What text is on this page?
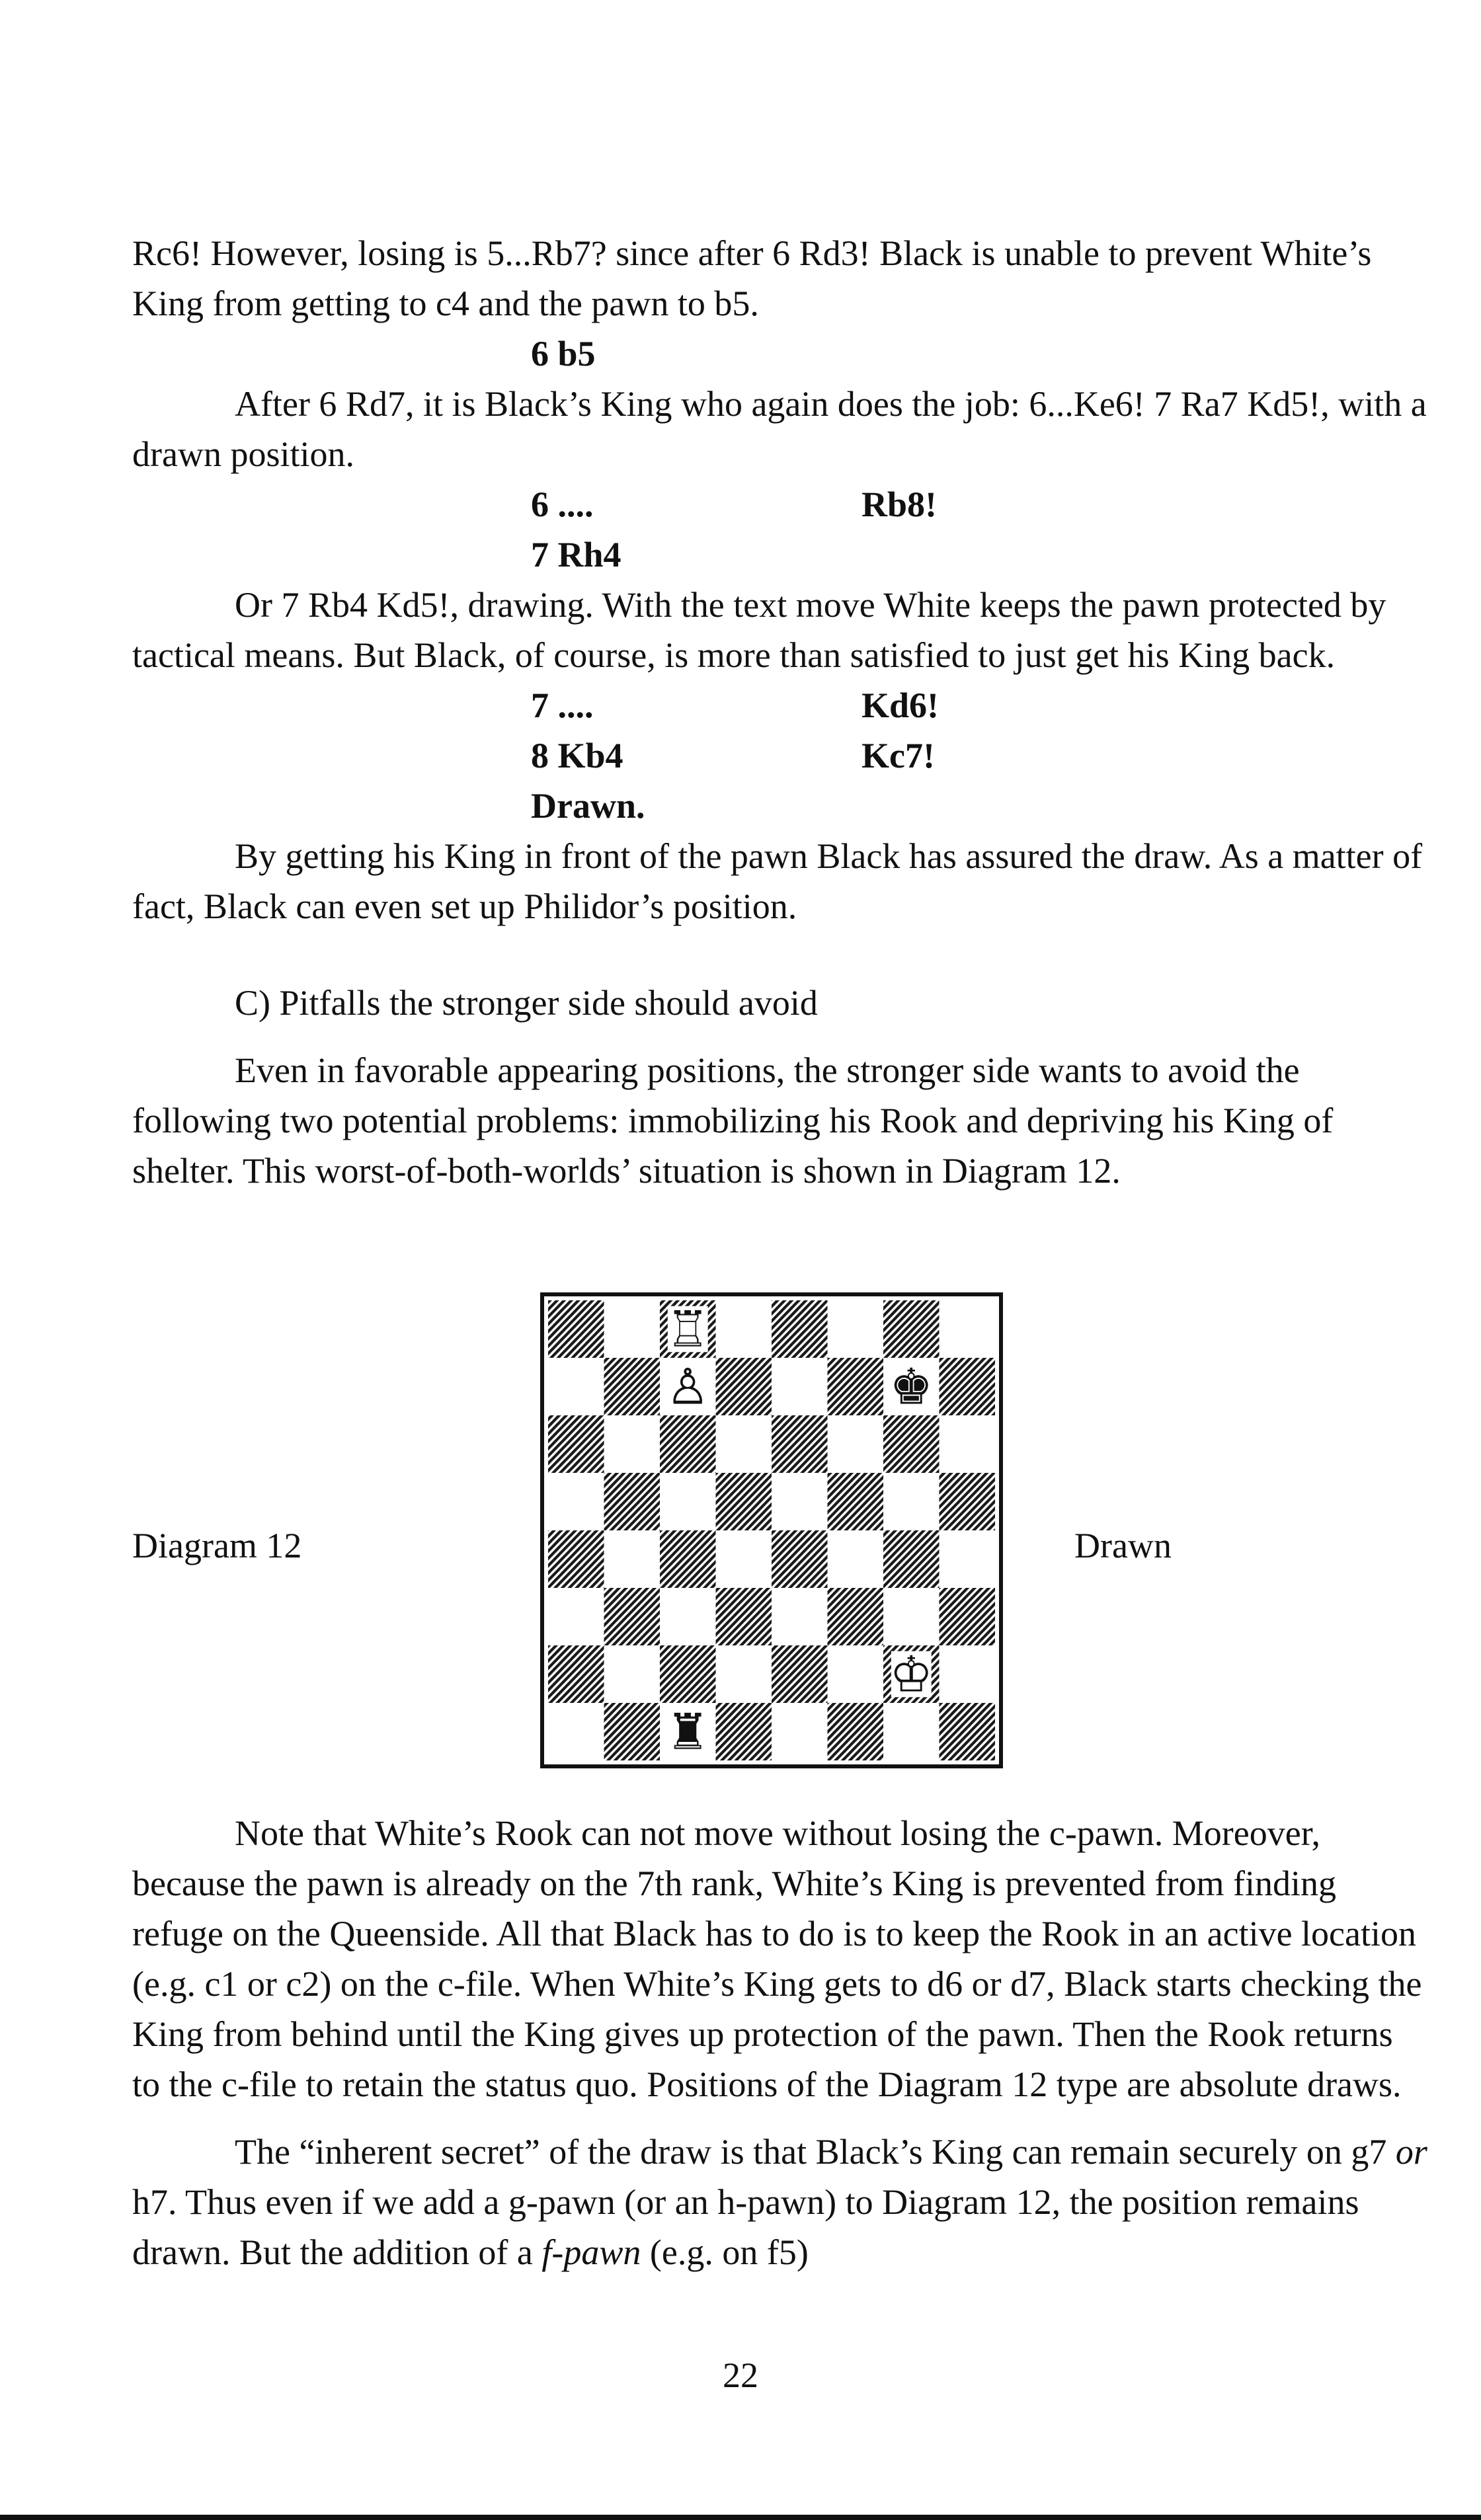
Rc6! However, losing is 5...Rb7? since after 6 Rd3! Black is unable to prevent White’s King from getting to c4 and the pawn to b5.

6 b5

After 6 Rd7, it is Black’s King who again does the job: 6...Ke6! 7 Ra7 Kd5!, with a drawn position.

6 ....	Rb8!
7 Rh4

Or 7 Rb4 Kd5!, drawing. With the text move White keeps the pawn protected by tactical means. But Black, of course, is more than satisfied to just get his King back.

7 ....	Kd6!
8 Kb4	Kc7!
Drawn.

By getting his King in front of the pawn Black has assured the draw. As a matter of fact, Black can even set up Philidor’s position.

C) Pitfalls the stronger side should avoid

Even in favorable appearing positions, the stronger side wants to avoid the following two potential problems: immobilizing his Rook and depriving his King of shelter. This worst-of-both-worlds’ situation is shown in Diagram 12.

Diagram 12
♖
♙	♚
♔
♜
Drawn

Note that White’s Rook can not move without losing the c-pawn. Moreover, because the pawn is already on the 7th rank, White’s King is prevented from finding refuge on the Queenside. All that Black has to do is to keep the Rook in an active location (e.g. c1 or c2) on the c-file. When White’s King gets to d6 or d7, Black starts checking the King from behind until the King gives up protection of the pawn. Then the Rook returns to the c-file to retain the status quo. Positions of the Diagram 12 type are absolute draws.

The “inherent secret” of the draw is that Black’s King can remain securely on g7 or h7. Thus even if we add a g-pawn (or an h-pawn) to Diagram 12, the position remains drawn. But the addition of a f-pawn (e.g. on f5)

22
